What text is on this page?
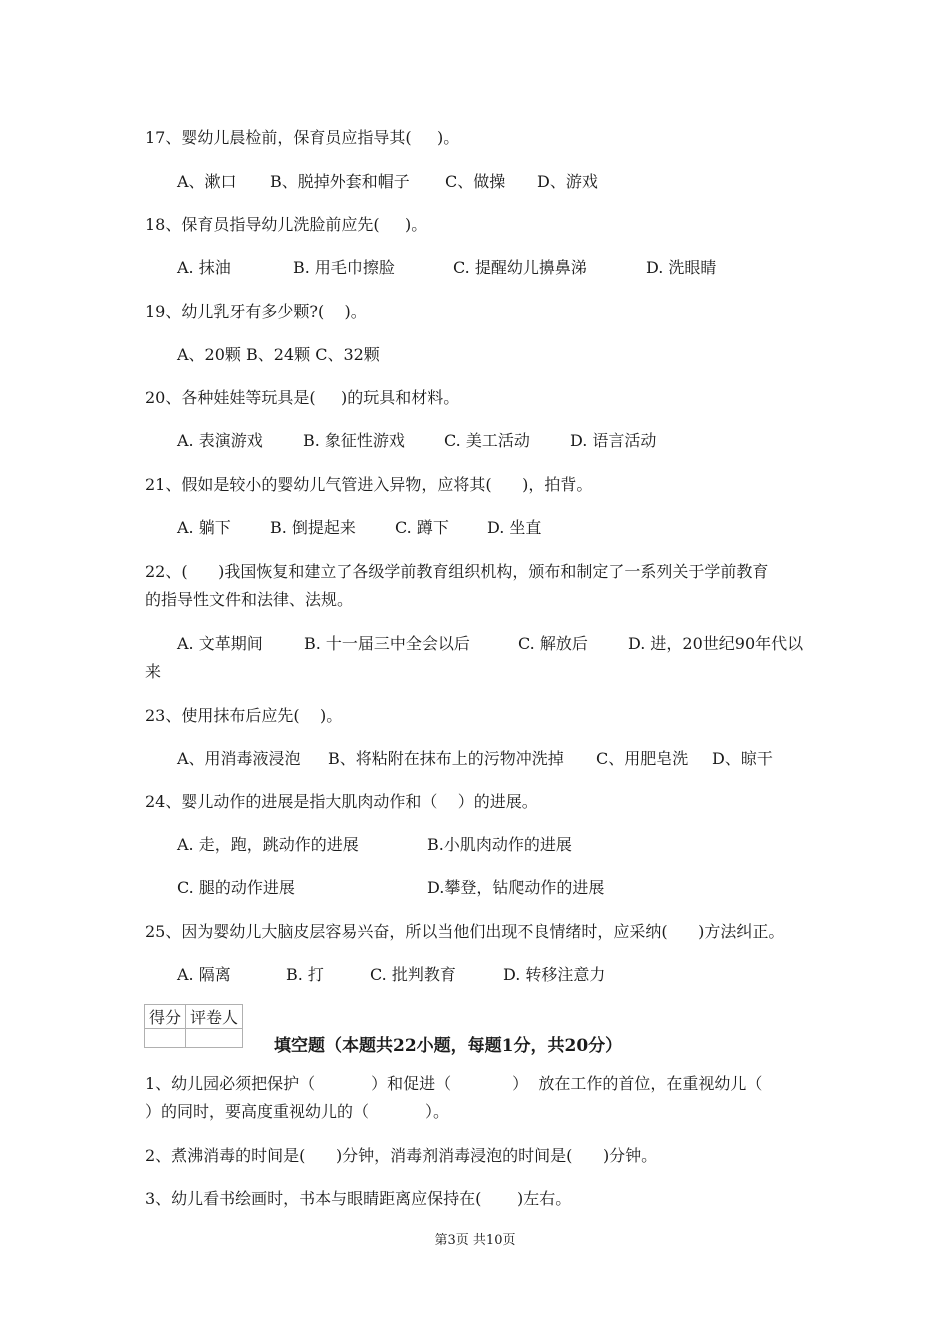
17、婴幼儿晨检前，保育员应指导其(     )。
A、漱口 B、脱掉外套和帽子 C、做操 D、游戏
18、保育员指导幼儿洗脸前应先(     )。
A. 抹油	B. 用毛巾擦脸	C. 提醒幼儿擤鼻涕	D. 洗眼睛
19、幼儿乳牙有多少颗?(    )。
A、20颗 B、24颗 C、32颗
20、各种娃娃等玩具是(     )的玩具和材料。
A. 表演游戏	B. 象征性游戏 C. 美工活动	D. 语言活动
21、假如是较小的婴幼儿气管进入异物，应将其(      )，拍背。
A. 躺下 B. 倒提起来 C. 蹲下 D. 坐直
22、(      )我国恢复和建立了各级学前教育组织机构，颁布和制定了一系列关于学前教育
的指导性文件和法律、法规。
A. 文革期间	B. 十一届三中全会以后	C. 解放后	D. 进，20世纪90年代以
来
23、使用抹布后应先(    )。
A、用消毒液浸泡 B、将粘附在抹布上的污物冲洗掉 C、用肥皂洗 D、晾干
24、婴儿动作的进展是指大肌肉动作和（    ）的进展。
A. 走，跑，跳动作的进展	B.小肌肉动作的进展
C. 腿的动作进展	D.攀登，钻爬动作的进展
25、因为婴幼儿大脑皮层容易兴奋，所以当他们出现不良情绪时，应采纳(      )方法纠正。
A. 隔离	B. 打	C. 批判教育	D. 转移注意力
得分	评卷人

填空题（本题共22小题，每题1分，共20分）
1、幼儿园必须把保护（           ）和促进（            ）  放在工作的首位，在重视幼儿（
）的同时，要高度重视幼儿的（           ）。
2、煮沸消毒的时间是(      )分钟，消毒剂消毒浸泡的时间是(      )分钟。
3、幼儿看书绘画时，书本与眼睛距离应保持在(       )左右。
第3页 共10页
